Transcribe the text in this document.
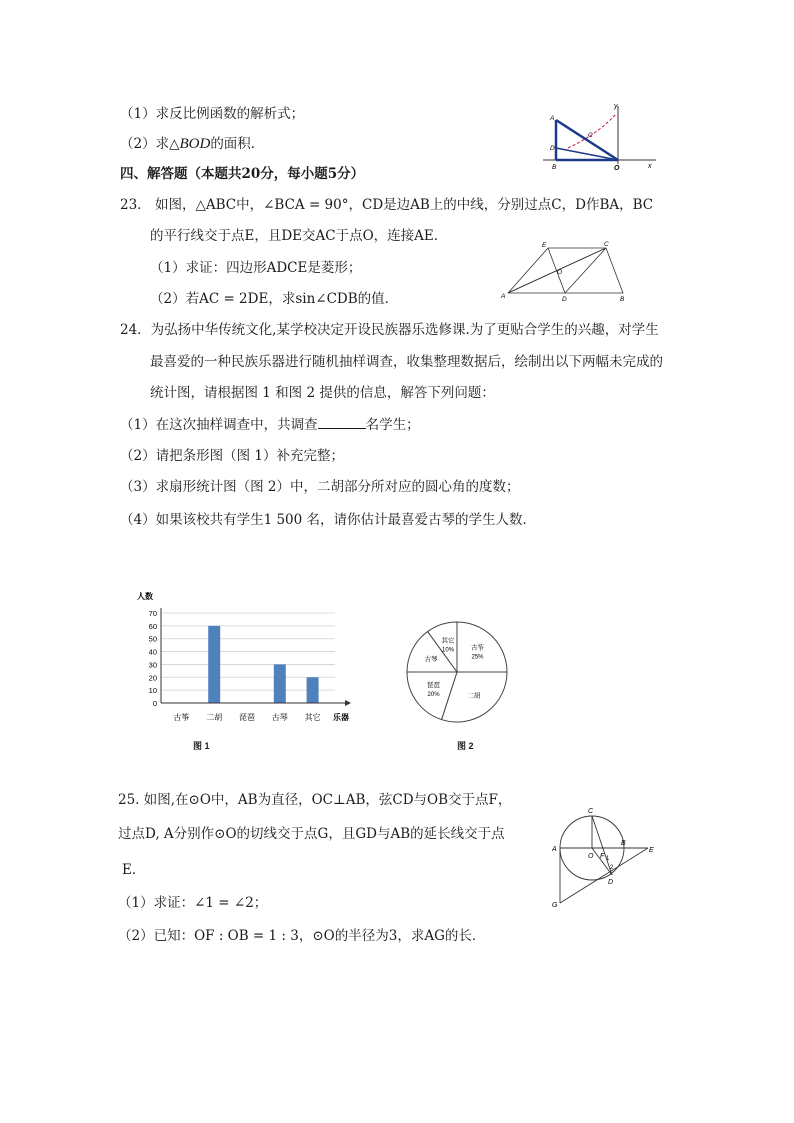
（1）求反比例函数的解析式；
（2）求△BOD的面积．
y
A
C
D
B	O	x
四、解答题（本题共20分，每小题5分）
23． 如图，△ABC中，∠BCA = 90°，CD是边AB上的中线，分别过点C，D作BA，BC
的平行线交于点E，且DE交AC于点O，连接AE．
（1）求证：四边形ADCE是菱形；
（2）若AC = 2DE，求sin∠CDB的值．
E	C
O
A	D	B
24．为弘扬中华传统文化,某学校决定开设民族器乐选修课.为了更贴合学生的兴趣，对学生
最喜爱的一种民族乐器进行随机抽样调查，收集整理数据后，绘制出以下两幅未完成的
统计图，请根据图 1 和图 2 提供的信息，解答下列问题：
（1）在这次抽样调查中，共调查	名学生；
（2）请把条形图（图 1）补充完整；
（3）求扇形统计图（图 2）中，二胡部分所对应的圆心角的度数；
（4）如果该校共有学生1 500 名，请你估计最喜爱古琴的学生人数．
人数
0
10
20
30
40
50
60
70
古筝 二胡 琵琶 古琴 其它 乐器
图 1
古筝
25%
二胡
琵琶
20%
古琴
其它
10%
图 2
25. 如图,在⊙O中，AB为直径，OC⊥AB，弦CD与OB交于点F，
过点D, A分别作⊙O的切线交于点G，且GD与AB的延长线交于点
E．
（1）求证：∠1 = ∠2；
（2）已知：OF : OB = 1 : 3，⊙O的半径为3，求AG的长．
C
A
O F
B
E
1
2
D
G
